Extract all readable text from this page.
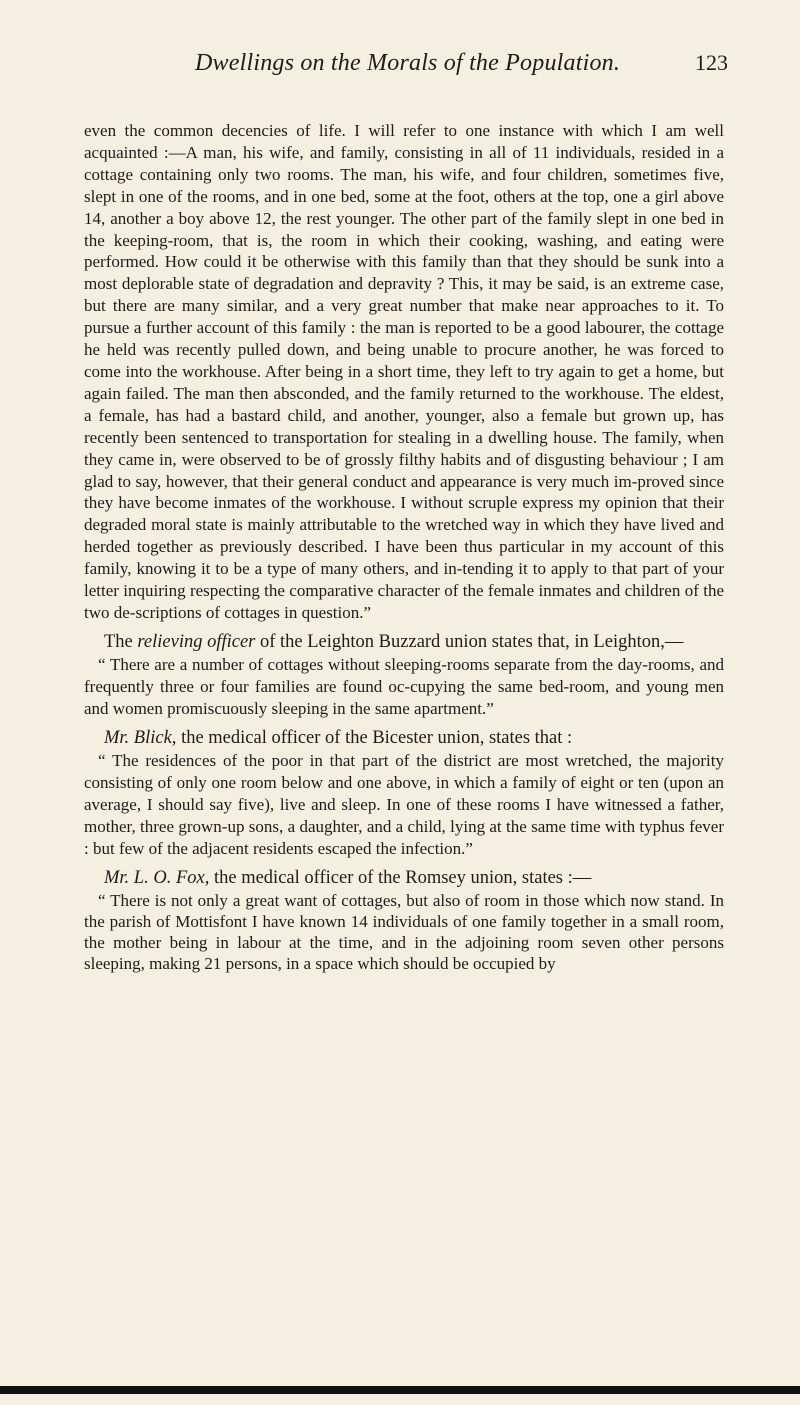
Dwellings on the Morals of the Population.	123

even the common decencies of life. I will refer to one instance with which I am well acquainted :—A man, his wife, and family, consisting in all of 11 individuals, resided in a cottage containing only two rooms. The man, his wife, and four children, sometimes five, slept in one of the rooms, and in one bed, some at the foot, others at the top, one a girl above 14, another a boy above 12, the rest younger. The other part of the family slept in one bed in the keeping-room, that is, the room in which their cooking, washing, and eating were performed. How could it be otherwise with this family than that they should be sunk into a most deplorable state of degradation and depravity ? This, it may be said, is an extreme case, but there are many similar, and a very great number that make near approaches to it. To pursue a further account of this family : the man is reported to be a good labourer, the cottage he held was recently pulled down, and being unable to procure another, he was forced to come into the workhouse. After being in a short time, they left to try again to get a home, but again failed. The man then absconded, and the family returned to the workhouse. The eldest, a female, has had a bastard child, and another, younger, also a female but grown up, has recently been sentenced to transportation for stealing in a dwelling house. The family, when they came in, were observed to be of grossly filthy habits and of disgusting behaviour ; I am glad to say, however, that their general conduct and appearance is very much im-proved since they have become inmates of the workhouse. I without scruple express my opinion that their degraded moral state is mainly attributable to the wretched way in which they have lived and herded together as previously described. I have been thus particular in my account of this family, knowing it to be a type of many others, and in-tending it to apply to that part of your letter inquiring respecting the comparative character of the female inmates and children of the two de-scriptions of cottages in question.”

The relieving officer of the Leighton Buzzard union states that, in Leighton,—

“ There are a number of cottages without sleeping-rooms separate from the day-rooms, and frequently three or four families are found oc-cupying the same bed-room, and young men and women promiscuously sleeping in the same apartment.”

Mr. Blick, the medical officer of the Bicester union, states that :

“ The residences of the poor in that part of the district are most wretched, the majority consisting of only one room below and one above, in which a family of eight or ten (upon an average, I should say five), live and sleep. In one of these rooms I have witnessed a father, mother, three grown-up sons, a daughter, and a child, lying at the same time with typhus fever : but few of the adjacent residents escaped the infection.”

Mr. L. O. Fox, the medical officer of the Romsey union, states :—

“ There is not only a great want of cottages, but also of room in those which now stand. In the parish of Mottisfont I have known 14 individuals of one family together in a small room, the mother being in labour at the time, and in the adjoining room seven other persons sleeping, making 21 persons, in a space which should be occupied by
